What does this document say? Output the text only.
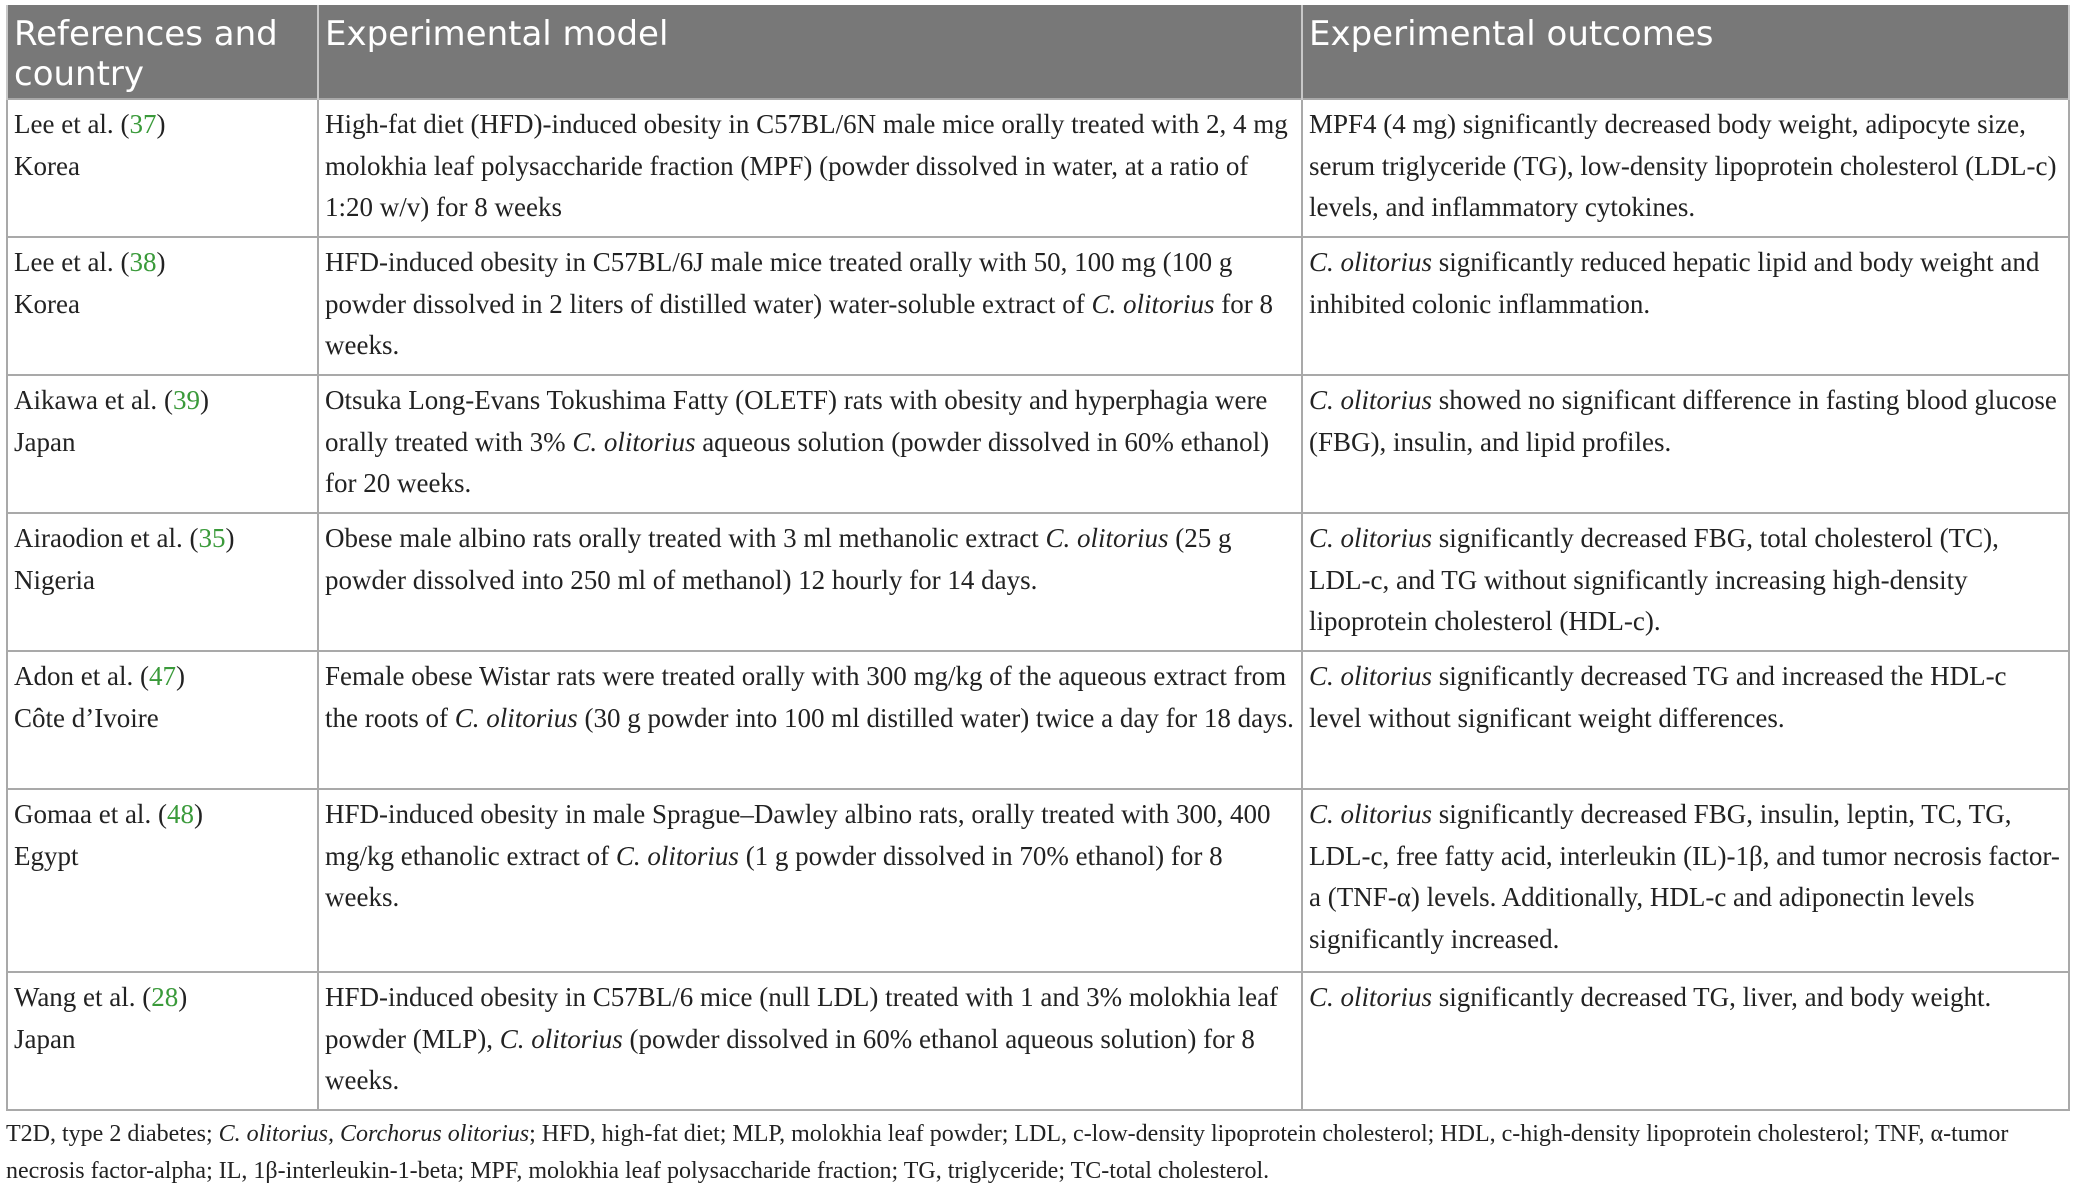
References and country	Experimental model	Experimental outcomes

Lee et al. (37)
Korea	High-fat diet (HFD)-induced obesity in C57BL/6N male mice orally treated with 2, 4 mg molokhia leaf polysaccharide fraction (MPF) (powder dissolved in water, at a ratio of 1:20 w/v) for 8 weeks	MPF4 (4 mg) significantly decreased body weight, adipocyte size, serum triglyceride (TG), low-density lipoprotein cholesterol (LDL-c) levels, and inflammatory cytokines.

Lee et al. (38)
Korea	HFD-induced obesity in C57BL/6J male mice treated orally with 50, 100 mg (100 g powder dissolved in 2 liters of distilled water) water-soluble extract of C. olitorius for 8 weeks.	C. olitorius significantly reduced hepatic lipid and body weight and inhibited colonic inflammation.

Aikawa et al. (39)
Japan	Otsuka Long-Evans Tokushima Fatty (OLETF) rats with obesity and hyperphagia were orally treated with 3% C. olitorius aqueous solution (powder dissolved in 60% ethanol) for 20 weeks.	C. olitorius showed no significant difference in fasting blood glucose (FBG), insulin, and lipid profiles.

Airaodion et al. (35)
Nigeria	Obese male albino rats orally treated with 3 ml methanolic extract C. olitorius (25 g powder dissolved into 250 ml of methanol) 12 hourly for 14 days.	C. olitorius significantly decreased FBG, total cholesterol (TC), LDL-c, and TG without significantly increasing high-density lipoprotein cholesterol (HDL-c).

Adon et al. (47)
Côte d’Ivoire	Female obese Wistar rats were treated orally with 300 mg/kg of the aqueous extract from the roots of C. olitorius (30 g powder into 100 ml distilled water) twice a day for 18 days.	C. olitorius significantly decreased TG and increased the HDL-c level without significant weight differences.

Gomaa et al. (48)
Egypt	HFD-induced obesity in male Sprague–Dawley albino rats, orally treated with 300, 400 mg/kg ethanolic extract of C. olitorius (1 g powder dissolved in 70% ethanol) for 8 weeks.	C. olitorius significantly decreased FBG, insulin, leptin, TC, TG, LDL-c, free fatty acid, interleukin (IL)-1β, and tumor necrosis factor-a (TNF-α) levels. Additionally, HDL-c and adiponectin levels significantly increased.

Wang et al. (28)
Japan	HFD-induced obesity in C57BL/6 mice (null LDL) treated with 1 and 3% molokhia leaf powder (MLP), C. olitorius (powder dissolved in 60% ethanol aqueous solution) for 8 weeks.	C. olitorius significantly decreased TG, liver, and body weight.
T2D, type 2 diabetes; C. olitorius, Corchorus olitorius; HFD, high-fat diet; MLP, molokhia leaf powder; LDL, c-low-density lipoprotein cholesterol; HDL, c-high-density lipoprotein cholesterol; TNF, α-tumor necrosis factor-alpha; IL, 1β-interleukin-1-beta; MPF, molokhia leaf polysaccharide fraction; TG, triglyceride; TC-total cholesterol.
